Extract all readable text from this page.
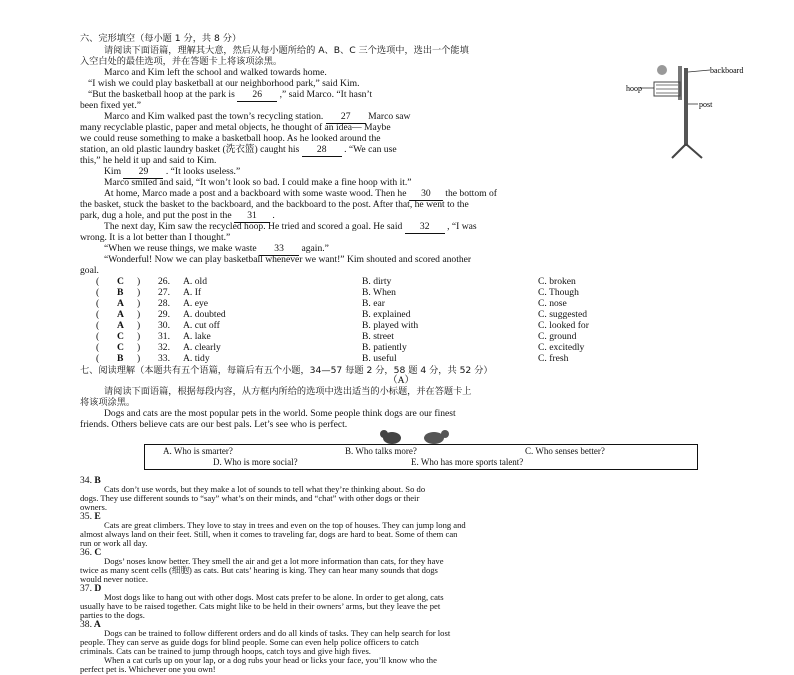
六、完形填空（每小题 1 分，共 8 分）
请阅读下面语篇，理解其大意，然后从每小题所给的 A、B、C 三个选项中，选出一个能填
入空白处的最佳选项，并在答题卡上将该项涂黑。
Marco and Kim left the school and walked towards home.
“I wish we could play basketball at our neighborhood park,” said Kim.
“But the basketball hoop at the park is 26 ,” said Marco. “It hasn’t
been fixed yet.”
Marco and Kim walked past the town’s recycling station. 27 Marco saw
many recyclable plastic, paper and metal objects, he thought of an idea— Maybe
we could reuse something to make a basketball hoop. As he looked around the
station, an old plastic laundry basket (洗衣篮) caught his 28 . “We can use
this,” he held it up and said to Kim.
Kim 29 . “It looks useless.”
Marco smiled and said, “It won’t look so bad. I could make a fine hoop with it.”
At home, Marco made a post and a backboard with some waste wood. Then he 30 the bottom of
the basket, stuck the basket to the backboard, and the backboard to the post. After that, he went to the
park, dug a hole, and put the post in the 31 .
The next day, Kim saw the recycled hoop. He tried and scored a goal. He said 32 , “I was
wrong. It is a lot better than I thought.”
“When we reuse things, we make waste 33 again.”
“Wonderful! Now we can play basketball whenever we want!” Kim shouted and scored another
goal.
backboard
hoop
post
七、阅读理解（本题共有五个语篇，每篇后有五个小题，34—57 每题 2 分，58 题 4 分，共 52 分）
（A）
请阅读下面语篇，根据每段内容，从方框内所给的选项中选出适当的小标题，并在答题卡上
将该项涂黑。
Dogs and cats are the most popular pets in the world. Some people think dogs are our finest
friends. Others believe cats are our best pals. Let’s see who is perfect.
A. Who is smarter?	B. Who talks more?	C. Who senses better?
D. Who is more social?	E. Who has more sports talent?
( C ) 26. A. old	B. dirty	C. broken
( B ) 27. A. If	B. When	C. Though
( A ) 28. A. eye	B. ear	C. nose
( A ) 29. A. doubted	B. explained	C. suggested
( A ) 30. A. cut off	B. played with	C. looked for
( C ) 31. A. lake	B. street	C. ground
( C ) 32. A. clearly	B. patiently	C. excitedly
( B ) 33. A. tidy	B. useful	C. fresh
34. B
Cats don’t use words, but they make a lot of sounds to tell what they’re thinking about. So do
dogs. They use different sounds to “say” what’s on their minds, and “chat” with other dogs or their
owners.
35. E
Cats are great climbers. They love to stay in trees and even on the top of houses. They can jump long and
almost always land on their feet. Still, when it comes to traveling far, dogs are hard to beat. Some of them can
run or work all day.
36. C
Dogs’ noses know better. They smell the air and get a lot more information than cats, for they have
twice as many scent cells (细胞) as cats. But cats’ hearing is king. They can hear many sounds that dogs
would never notice.
37. D
Most dogs like to hang out with other dogs. Most cats prefer to be alone. In order to get along, cats
usually have to be raised together. Cats might like to be held in their owners’ arms, but they leave the pet
parties to the dogs.
38. A
Dogs can be trained to follow different orders and do all kinds of tasks. They can help search for lost
people. They can serve as guide dogs for blind people. Some can even help police officers to catch
criminals. Cats can be trained to jump through hoops, catch toys and give high fives.
When a cat curls up on your lap, or a dog rubs your head or licks your face, you’ll know who the
perfect pet is. Whichever one you own!
